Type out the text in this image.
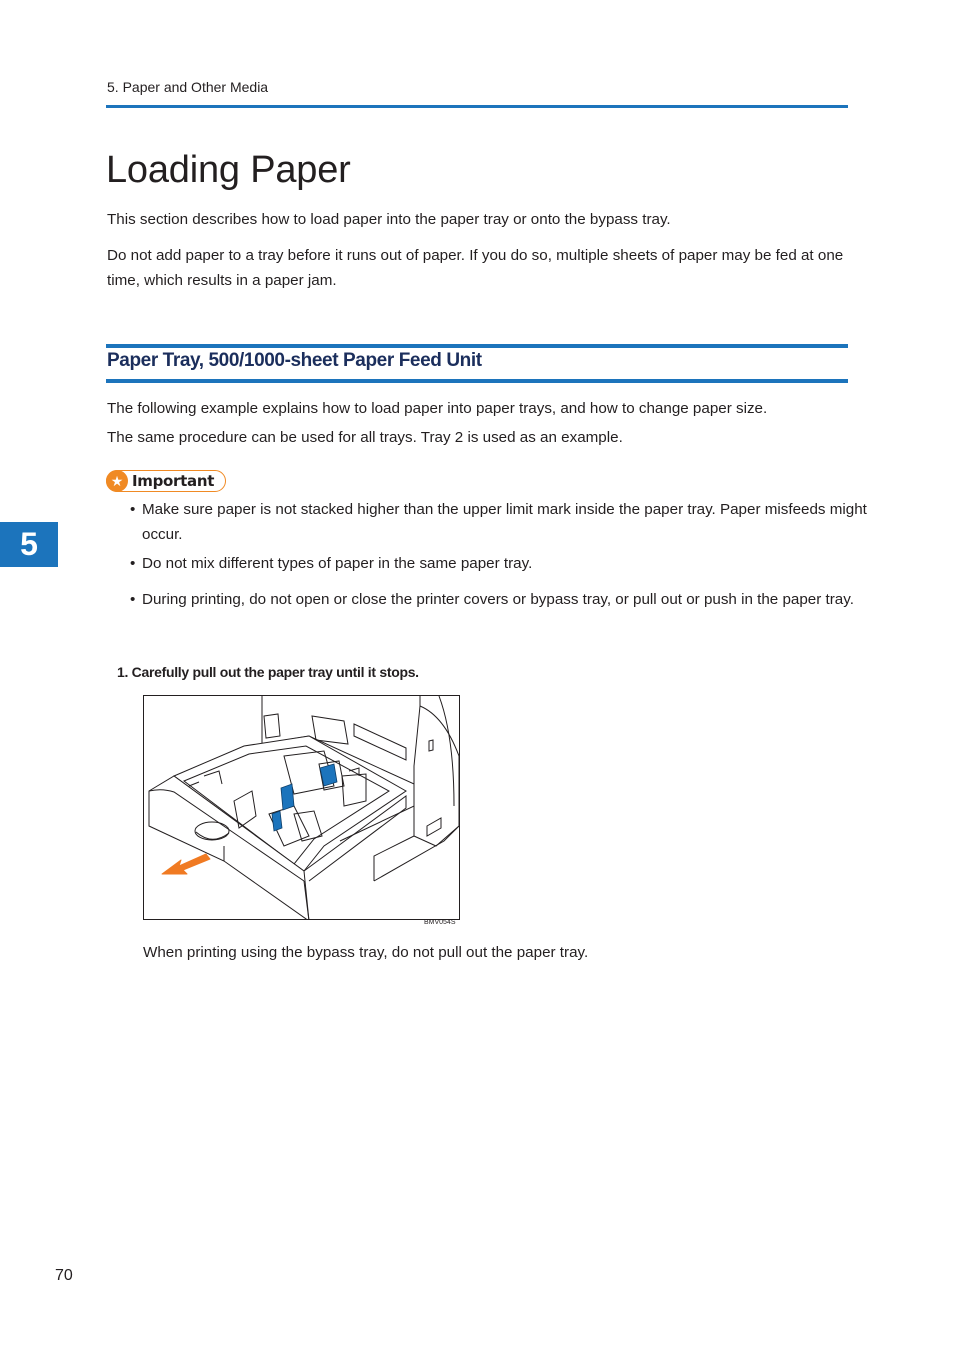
5. Paper and Other Media
Loading Paper

This section describes how to load paper into the paper tray or onto the bypass tray.

Do not add paper to a tray before it runs out of paper. If you do so, multiple sheets of paper may be fed at one time, which results in a paper jam.

Paper Tray, 500/1000-sheet Paper Feed Unit

The following example explains how to load paper into paper trays, and how to change paper size.

The same procedure can be used for all trays. Tray 2 is used as an example.

5
★ Important
• Make sure paper is not stacked higher than the upper limit mark inside the paper tray. Paper misfeeds might occur.
• Do not mix different types of paper in the same paper tray.
• During printing, do not open or close the printer covers or bypass tray, or pull out or push in the paper tray.

1. Carefully pull out the paper tray until it stops.

BMV054S

When printing using the bypass tray, do not pull out the paper tray.

70
